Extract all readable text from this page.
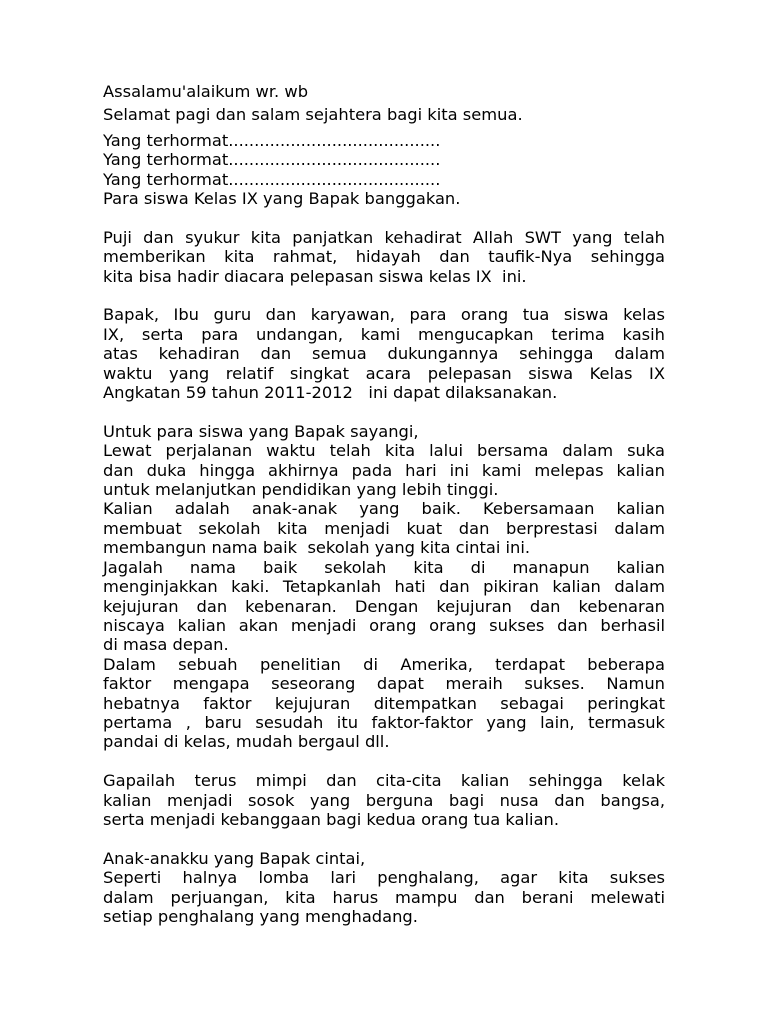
Assalamu'alaikum wr. wb
Selamat pagi dan salam sejahtera bagi kita semua.
Yang terhormat.........................................
Yang terhormat.........................................
Yang terhormat.........................................
Para siswa Kelas IX yang Bapak banggakan.
Puji dan syukur kita panjatkan kehadirat Allah SWT yang telah
memberikan kita rahmat, hidayah dan taufik-Nya sehingga
kita bisa hadir diacara pelepasan siswa kelas IX  ini.
Bapak, Ibu guru dan karyawan, para orang tua siswa kelas
IX, serta para undangan, kami mengucapkan terima kasih
atas kehadiran dan semua dukungannya sehingga dalam
waktu yang relatif singkat acara pelepasan siswa Kelas IX
Angkatan 59 tahun 2011-2012   ini dapat dilaksanakan.
Untuk para siswa yang Bapak sayangi,
Lewat perjalanan waktu telah kita lalui bersama dalam suka
dan duka hingga akhirnya pada hari ini kami melepas kalian
untuk melanjutkan pendidikan yang lebih tinggi.
Kalian adalah anak-anak yang baik. Kebersamaan kalian
membuat sekolah kita menjadi kuat dan berprestasi dalam
membangun nama baik  sekolah yang kita cintai ini.
Jagalah nama baik sekolah kita di manapun kalian
menginjakkan kaki. Tetapkanlah hati dan pikiran kalian dalam
kejujuran dan kebenaran. Dengan kejujuran dan kebenaran
niscaya kalian akan menjadi orang orang sukses dan berhasil
di masa depan.
Dalam sebuah penelitian di Amerika, terdapat beberapa
faktor mengapa seseorang dapat meraih sukses. Namun
hebatnya faktor kejujuran ditempatkan sebagai peringkat
pertama , baru sesudah itu faktor-faktor yang lain, termasuk
pandai di kelas, mudah bergaul dll.
Gapailah terus mimpi dan cita-cita kalian sehingga kelak
kalian menjadi sosok yang berguna bagi nusa dan bangsa,
serta menjadi kebanggaan bagi kedua orang tua kalian.
Anak-anakku yang Bapak cintai,
Seperti halnya lomba lari penghalang, agar kita sukses
dalam perjuangan, kita harus mampu dan berani melewati
setiap penghalang yang menghadang.
